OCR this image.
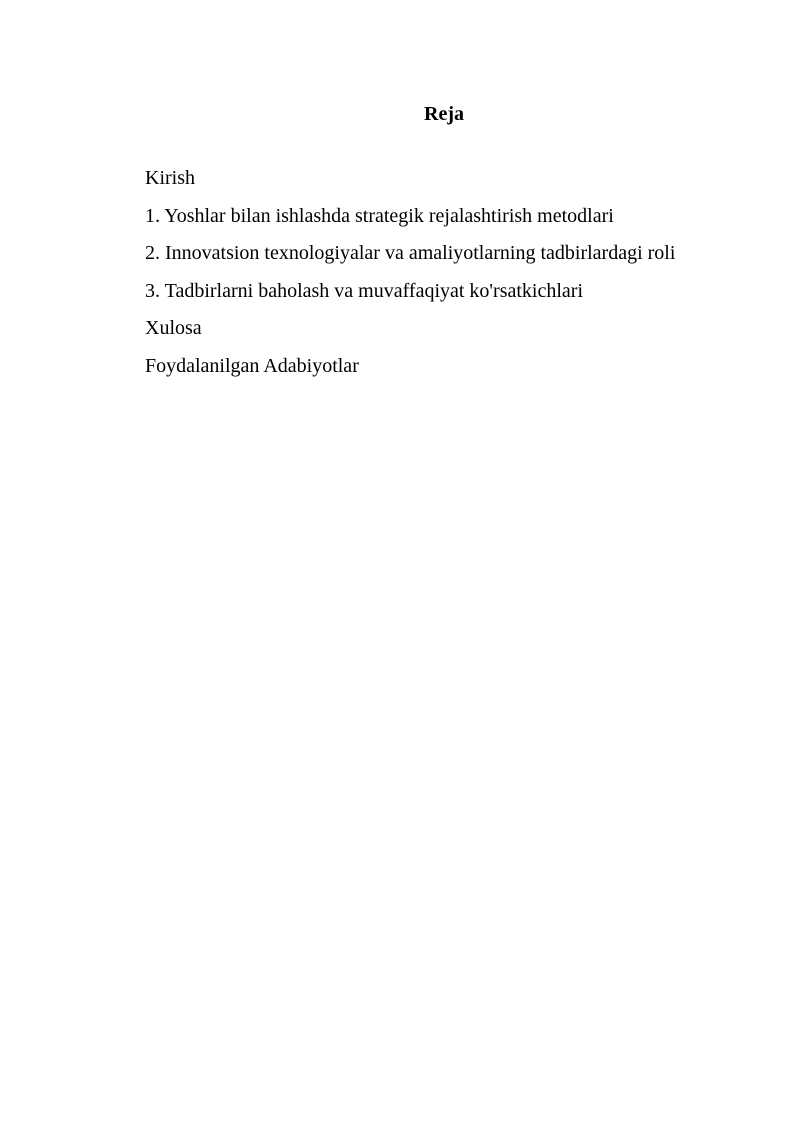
Reja
Kirish
1. Yoshlar bilan ishlashda strategik rejalashtirish metodlari
2. Innovatsion texnologiyalar va amaliyotlarning tadbirlardagi roli
3. Tadbirlarni baholash va muvaffaqiyat ko'rsatkichlari
Xulosa
Foydalanilgan Adabiyotlar
